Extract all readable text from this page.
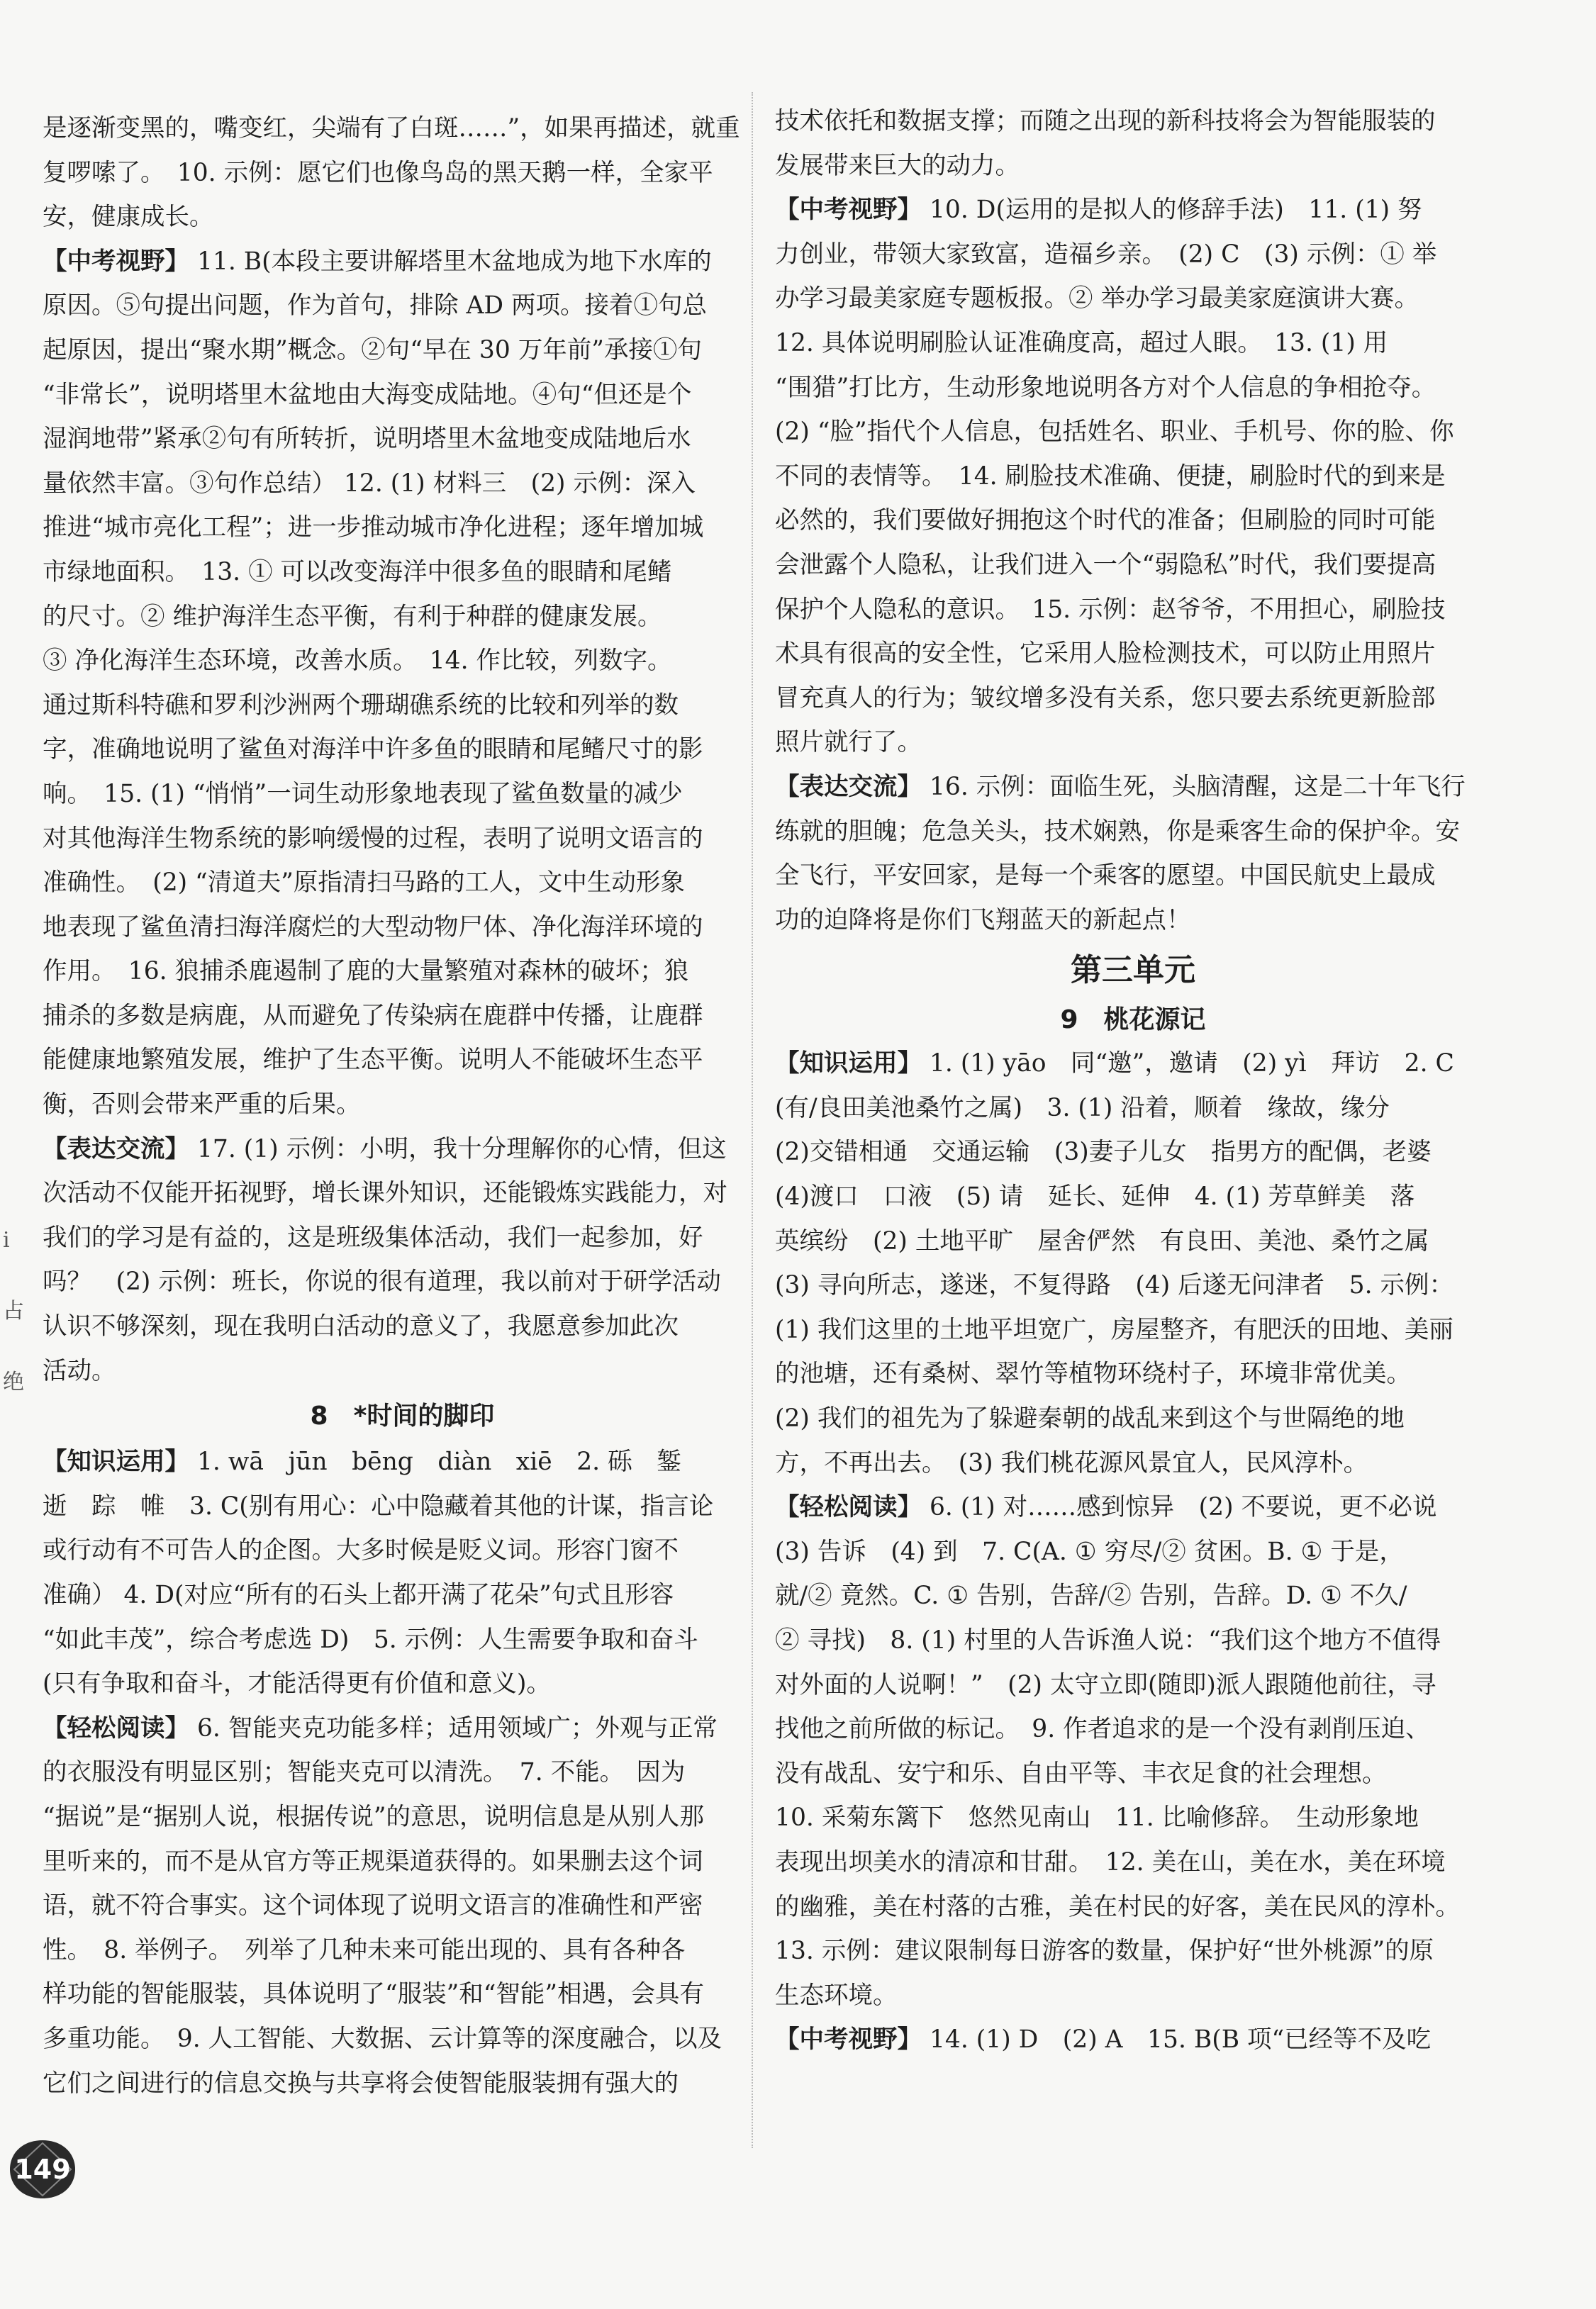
i
占
绝
是逐渐变黑的，嘴变红，尖端有了白斑……”，如果再描述，就重
复啰嗦了。　10. 示例：愿它们也像鸟岛的黑天鹅一样，全家平
安，健康成长。
【中考视野】 11. B(本段主要讲解塔里木盆地成为地下水库的
原因。⑤句提出问题，作为首句，排除 AD 两项。接着①句总
起原因，提出“聚水期”概念。②句“早在 30 万年前”承接①句
“非常长”，说明塔里木盆地由大海变成陆地。④句“但还是个
湿润地带”紧承②句有所转折，说明塔里木盆地变成陆地后水
量依然丰富。③句作总结） 12. (1) 材料三　(2) 示例：深入
推进“城市亮化工程”；进一步推动城市净化进程；逐年增加城
市绿地面积。　13. ① 可以改变海洋中很多鱼的眼睛和尾鳍
的尺寸。② 维护海洋生态平衡，有利于种群的健康发展。
③ 净化海洋生态环境，改善水质。　14. 作比较，列数字。
通过斯科特礁和罗利沙洲两个珊瑚礁系统的比较和列举的数
字，准确地说明了鲨鱼对海洋中许多鱼的眼睛和尾鳍尺寸的影
响。　15. (1) “悄悄”一词生动形象地表现了鲨鱼数量的减少
对其他海洋生物系统的影响缓慢的过程，表明了说明文语言的
准确性。　(2) “清道夫”原指清扫马路的工人，文中生动形象
地表现了鲨鱼清扫海洋腐烂的大型动物尸体、净化海洋环境的
作用。　16. 狼捕杀鹿遏制了鹿的大量繁殖对森林的破坏；狼
捕杀的多数是病鹿，从而避免了传染病在鹿群中传播，让鹿群
能健康地繁殖发展，维护了生态平衡。说明人不能破坏生态平
衡，否则会带来严重的后果。
【表达交流】 17. (1) 示例：小明，我十分理解你的心情，但这
次活动不仅能开拓视野，增长课外知识，还能锻炼实践能力，对
我们的学习是有益的，这是班级集体活动，我们一起参加，好
吗？　(2) 示例：班长，你说的很有道理，我以前对于研学活动
认识不够深刻，现在我明白活动的意义了，我愿意参加此次
活动。
8　*时间的脚印
【知识运用】 1. wā　jūn　bēng　diàn　xiē　2. 砾　錾
逝　踪　帷　3. C(别有用心：心中隐藏着其他的计谋，指言论
或行动有不可告人的企图。大多时候是贬义词。形容门窗不
准确） 4. D(对应“所有的石头上都开满了花朵”句式且形容
“如此丰茂”，综合考虑选 D)　5. 示例：人生需要争取和奋斗
(只有争取和奋斗，才能活得更有价值和意义)。
【轻松阅读】 6. 智能夹克功能多样；适用领域广；外观与正常
的衣服没有明显区别；智能夹克可以清洗。　7. 不能。　因为
“据说”是“据别人说，根据传说”的意思，说明信息是从别人那
里听来的，而不是从官方等正规渠道获得的。如果删去这个词
语，就不符合事实。这个词体现了说明文语言的准确性和严密
性。　8. 举例子。　列举了几种未来可能出现的、具有各种各
样功能的智能服装，具体说明了“服装”和“智能”相遇，会具有
多重功能。　9. 人工智能、大数据、云计算等的深度融合，以及
它们之间进行的信息交换与共享将会使智能服装拥有强大的
技术依托和数据支撑；而随之出现的新科技将会为智能服装的
发展带来巨大的动力。
【中考视野】 10. D(运用的是拟人的修辞手法)　11. (1) 努
力创业，带领大家致富，造福乡亲。　(2) C　(3) 示例：① 举
办学习最美家庭专题板报。② 举办学习最美家庭演讲大赛。
12. 具体说明刷脸认证准确度高，超过人眼。　13. (1) 用
“围猎”打比方，生动形象地说明各方对个人信息的争相抢夺。
(2) “脸”指代个人信息，包括姓名、职业、手机号、你的脸、你
不同的表情等。　14. 刷脸技术准确、便捷，刷脸时代的到来是
必然的，我们要做好拥抱这个时代的准备；但刷脸的同时可能
会泄露个人隐私，让我们进入一个“弱隐私”时代，我们要提高
保护个人隐私的意识。　15. 示例：赵爷爷，不用担心，刷脸技
术具有很高的安全性，它采用人脸检测技术，可以防止用照片
冒充真人的行为；皱纹增多没有关系，您只要去系统更新脸部
照片就行了。
【表达交流】 16. 示例：面临生死，头脑清醒，这是二十年飞行
练就的胆魄；危急关头，技术娴熟，你是乘客生命的保护伞。安
全飞行，平安回家，是每一个乘客的愿望。中国民航史上最成
功的迫降将是你们飞翔蓝天的新起点！
第三单元
9　桃花源记
【知识运用】 1. (1) yāo　同“邀”，邀请　(2) yì　拜访　2. C
(有/良田美池桑竹之属)　3. (1) 沿着，顺着　缘故，缘分
(2)交错相通　交通运输　(3)妻子儿女　指男方的配偶，老婆
(4)渡口　口液　(5) 请　延长、延伸　4. (1) 芳草鲜美　落
英缤纷　(2) 土地平旷　屋舍俨然　有良田、美池、桑竹之属
(3) 寻向所志，遂迷，不复得路　(4) 后遂无问津者　5. 示例：
(1) 我们这里的土地平坦宽广，房屋整齐，有肥沃的田地、美丽
的池塘，还有桑树、翠竹等植物环绕村子，环境非常优美。
(2) 我们的祖先为了躲避秦朝的战乱来到这个与世隔绝的地
方，不再出去。　(3) 我们桃花源风景宜人，民风淳朴。
【轻松阅读】 6. (1) 对……感到惊异　(2) 不要说，更不必说
(3) 告诉　(4) 到　7. C(A. ① 穷尽/② 贫困。B. ① 于是，
就/② 竟然。C. ① 告别，告辞/② 告别，告辞。D. ① 不久/
② 寻找)　8. (1) 村里的人告诉渔人说：“我们这个地方不值得
对外面的人说啊！”　(2) 太守立即(随即)派人跟随他前往，寻
找他之前所做的标记。　9. 作者追求的是一个没有剥削压迫、
没有战乱、安宁和乐、自由平等、丰衣足食的社会理想。
10. 采菊东篱下　悠然见南山　11. 比喻修辞。　生动形象地
表现出坝美水的清凉和甘甜。　12. 美在山，美在水，美在环境
的幽雅，美在村落的古雅，美在村民的好客，美在民风的淳朴。
13. 示例：建议限制每日游客的数量，保护好“世外桃源”的原
生态环境。
【中考视野】 14. (1) D　(2) A　15. B(B 项“已经等不及吃
149
